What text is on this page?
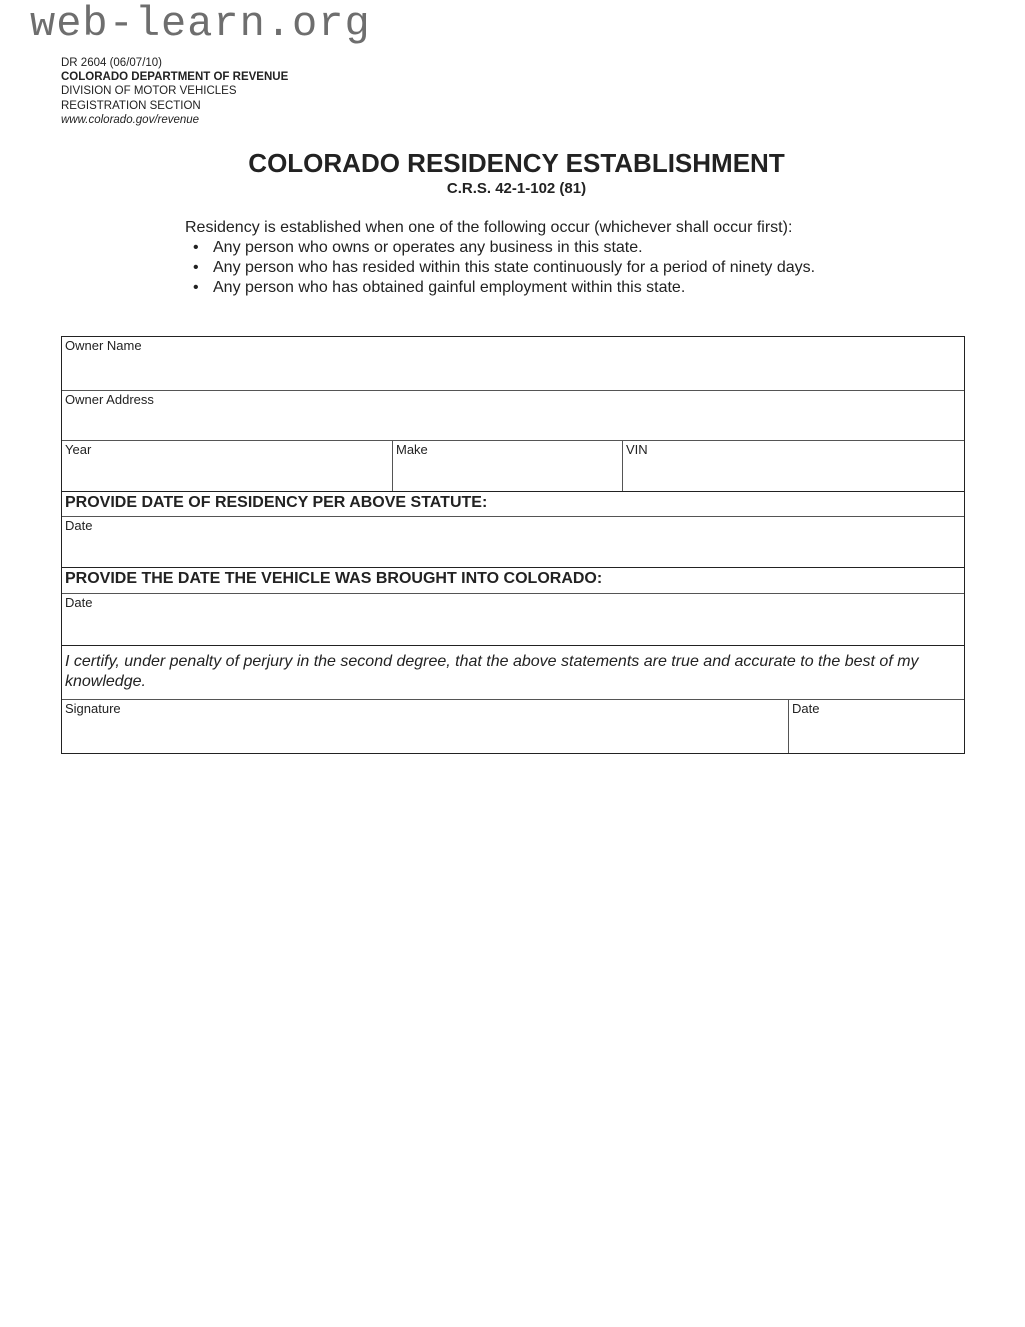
web-learn.org
DR 2604 (06/07/10)
COLORADO DEPARTMENT OF REVENUE
DIVISION OF MOTOR VEHICLES
REGISTRATION SECTION
www.colorado.gov/revenue
COLORADO RESIDENCY ESTABLISHMENT
C.R.S. 42-1-102 (81)
Residency is established when one of the following occur (whichever shall occur first):
• Any person who owns or operates any business in this state.
• Any person who has resided within this state continuously for a period of ninety days.
• Any person who has obtained gainful employment within this state.
Owner Name
Owner Address
Year	Make	VIN
PROVIDE DATE OF RESIDENCY PER ABOVE STATUTE:
Date
PROVIDE THE DATE THE VEHICLE WAS BROUGHT INTO COLORADO:
Date
I certify, under penalty of perjury in the second degree, that the above statements are true and accurate to the best of my knowledge.
Signature	Date
